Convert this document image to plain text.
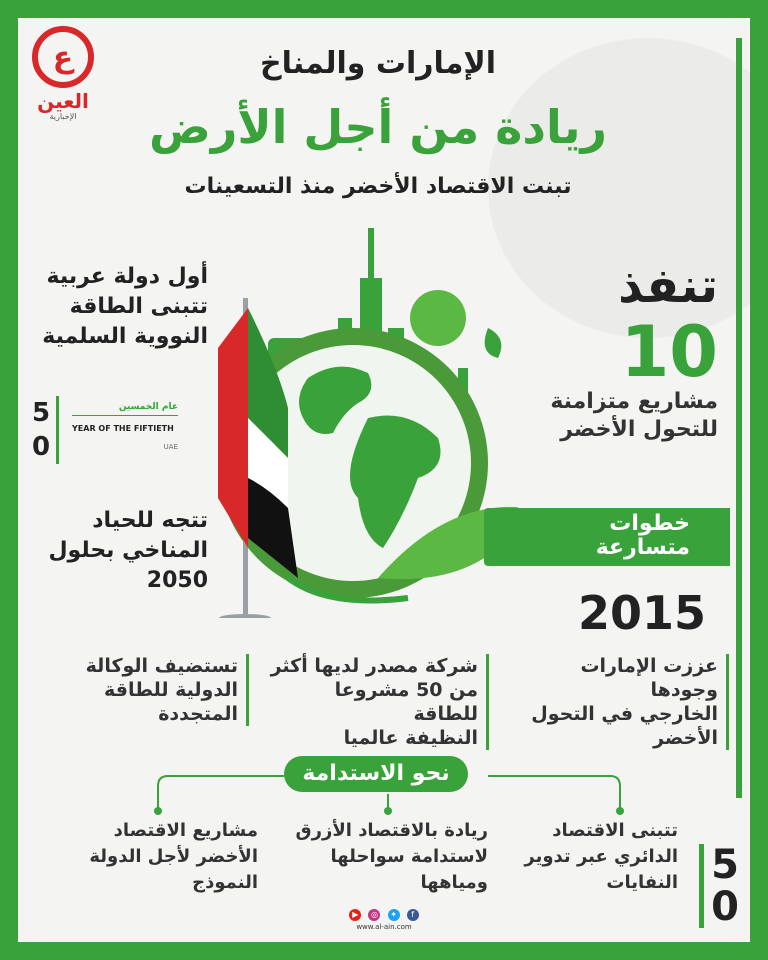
ع
العين
الإخبارية
الإمارات والمناخ
ريادة من أجل الأرض
تبنت الاقتصاد الأخضر منذ التسعينات
أول دولة عربية
تتبنى الطاقة
النووية السلمية
5
0
عام الخمسين
YEAR OF THE FIFTIETH
UAE
تتجه للحياد
المناخي بحلول
2050
تنفذ
10
مشاريع متزامنة
للتحول الأخضر
خطوات
متسارعة
2015
تستضيف الوكالة
الدولية للطاقة
المتجددة
شركة مصدر لديها أكثر
من 50 مشروعا للطاقة
النظيفة عالميا
عززت الإمارات وجودها
الخارجي في التحول
الأخضر
نحو الاستدامة
مشاريع الاقتصاد
الأخضر لأجل الدولة
النموذج
ريادة بالاقتصاد الأزرق
لاستدامة سواحلها
ومياهها
تتبنى الاقتصاد
الدائري عبر تدوير
النفايات 5
0
▶ ◎ ✦ f
www.al-ain.com
